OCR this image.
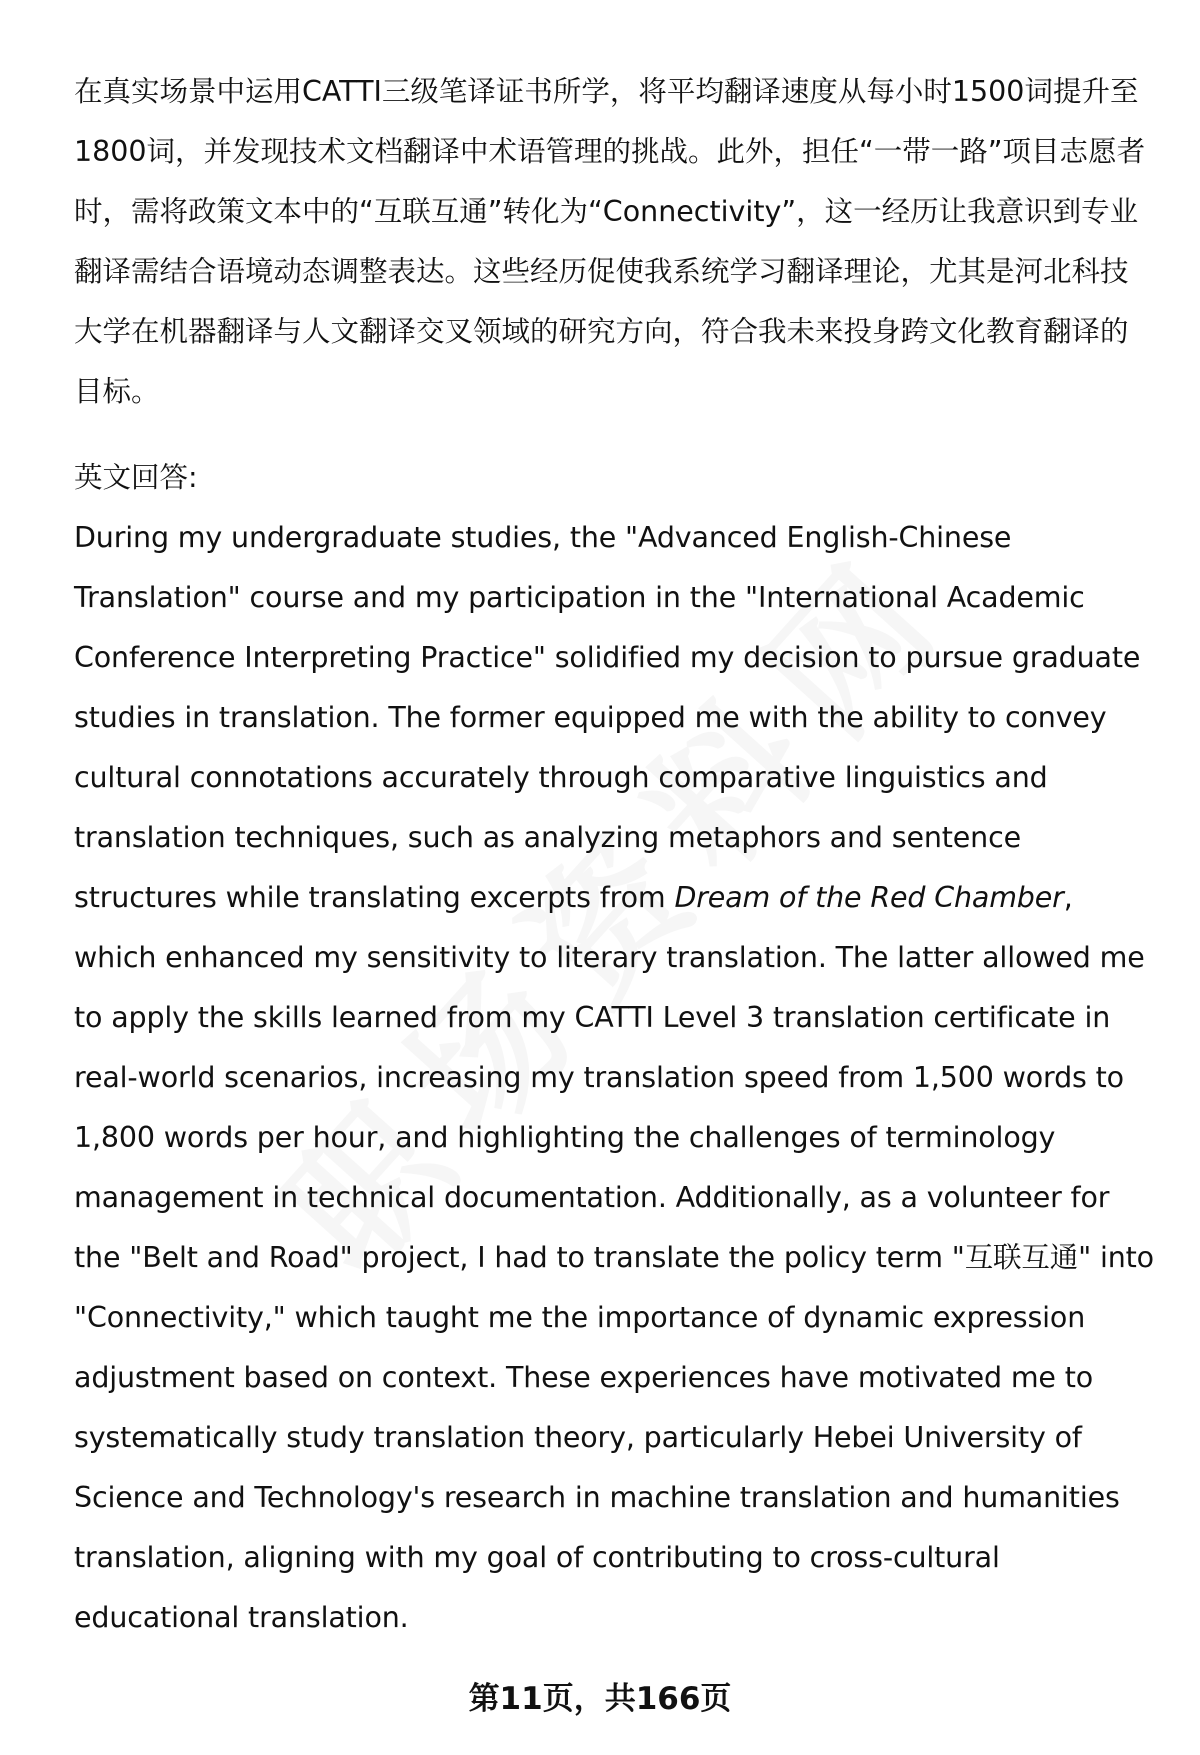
在真实场景中运用CATTI三级笔译证书所学，将平均翻译速度从每小时1500词提升至1800词，并发现技术文档翻译中术语管理的挑战。此外，担任“一带一路”项目志愿者时，需将政策文本中的“互联互通”转化为“Connectivity”，这一经历让我意识到专业翻译需结合语境动态调整表达。这些经历促使我系统学习翻译理论，尤其是河北科技大学在机器翻译与人文翻译交叉领域的研究方向，符合我未来投身跨文化教育翻译的目标。

英文回答:

During my undergraduate studies, the "Advanced English-Chinese Translation" course and my participation in the "International Academic Conference Interpreting Practice" solidified my decision to pursue graduate studies in translation. The former equipped me with the ability to convey cultural connotations accurately through comparative linguistics and translation techniques, such as analyzing metaphors and sentence structures while translating excerpts from Dream of the Red Chamber, which enhanced my sensitivity to literary translation. The latter allowed me to apply the skills learned from my CATTI Level 3 translation certificate in real-world scenarios, increasing my translation speed from 1,500 words to 1,800 words per hour, and highlighting the challenges of terminology management in technical documentation. Additionally, as a volunteer for the "Belt and Road" project, I had to translate the policy term "互联互通" into "Connectivity," which taught me the importance of dynamic expression adjustment based on context. These experiences have motivated me to systematically study translation theory, particularly Hebei University of Science and Technology's research in machine translation and humanities translation, aligning with my goal of contributing to cross-cultural educational translation.

第11页，共166页
